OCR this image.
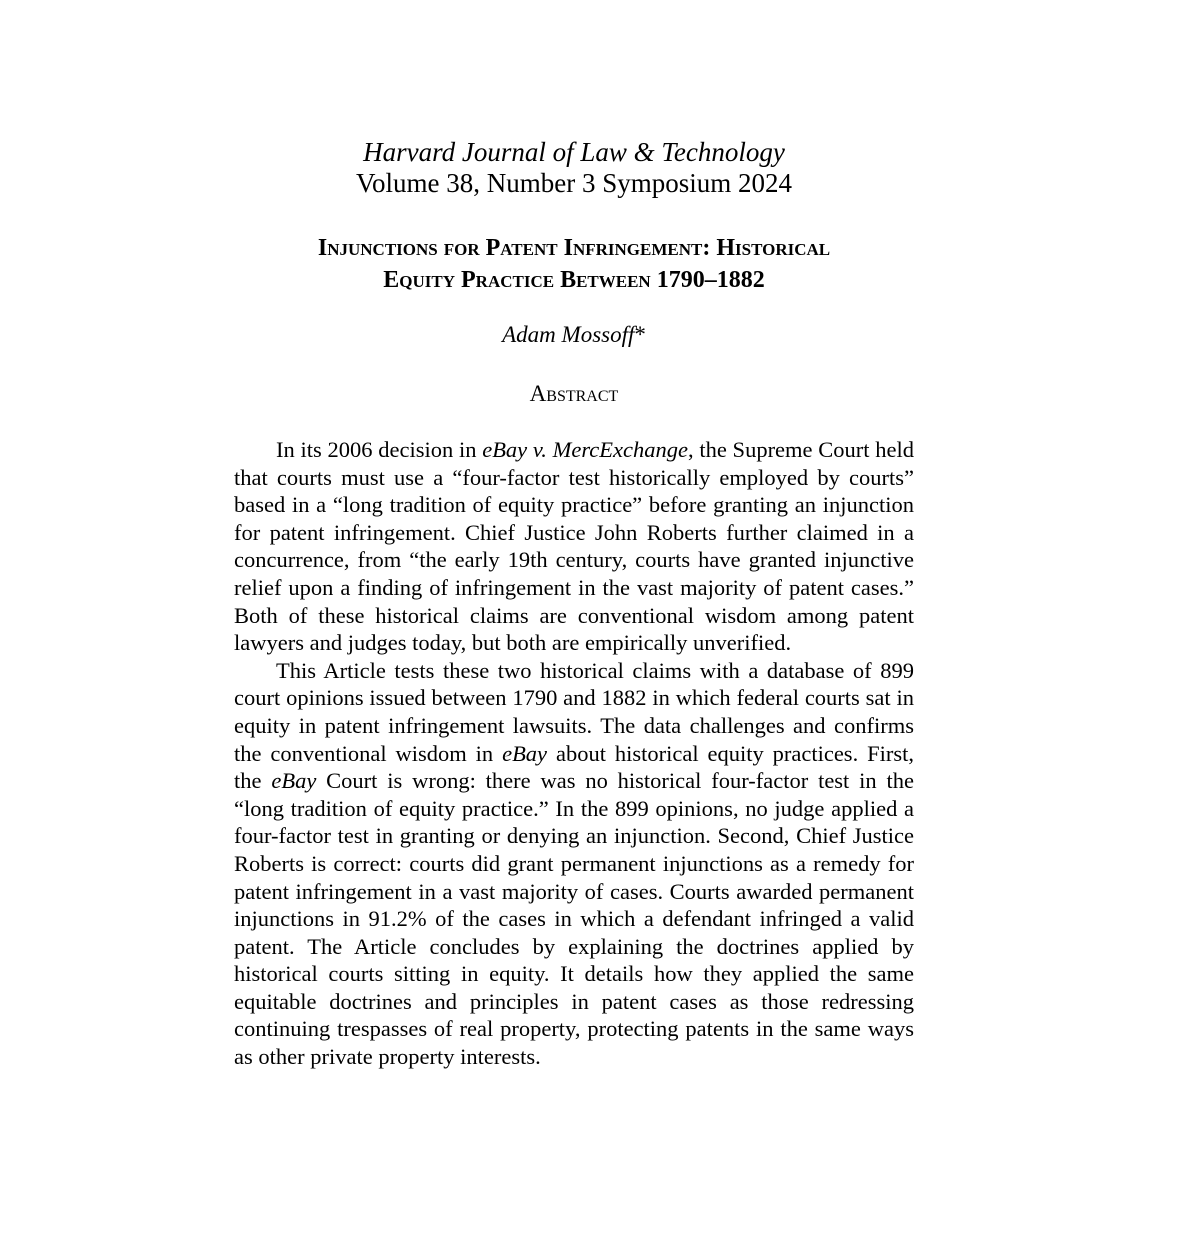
Harvard Journal of Law & Technology
Volume 38, Number 3 Symposium 2024
Injunctions for Patent Infringement: Historical
Equity Practice Between 1790–1882
Adam Mossoff*
Abstract

In its 2006 decision in eBay v. MercExchange, the Supreme Court held that courts must use a “four-factor test historically employed by courts” based in a “long tradition of equity practice” before granting an injunction for patent infringement. Chief Justice John Roberts further claimed in a concurrence, from “the early 19th century, courts have granted injunctive relief upon a finding of infringement in the vast majority of patent cases.” Both of these historical claims are conventional wisdom among patent lawyers and judges today, but both are empirically unverified.

This Article tests these two historical claims with a database of 899 court opinions issued between 1790 and 1882 in which federal courts sat in equity in patent infringement lawsuits. The data challenges and confirms the conventional wisdom in eBay about historical equity practices. First, the eBay Court is wrong: there was no historical four-factor test in the “long tradition of equity practice.” In the 899 opinions, no judge applied a four-factor test in granting or denying an injunction. Second, Chief Justice Roberts is correct: courts did grant permanent injunctions as a remedy for patent infringement in a vast majority of cases. Courts awarded permanent injunctions in 91.2% of the cases in which a defendant infringed a valid patent. The Article concludes by explaining the doctrines applied by historical courts sitting in equity. It details how they applied the same equitable doctrines and principles in patent cases as those redressing continuing trespasses of real property, protecting patents in the same ways as other private property interests.
